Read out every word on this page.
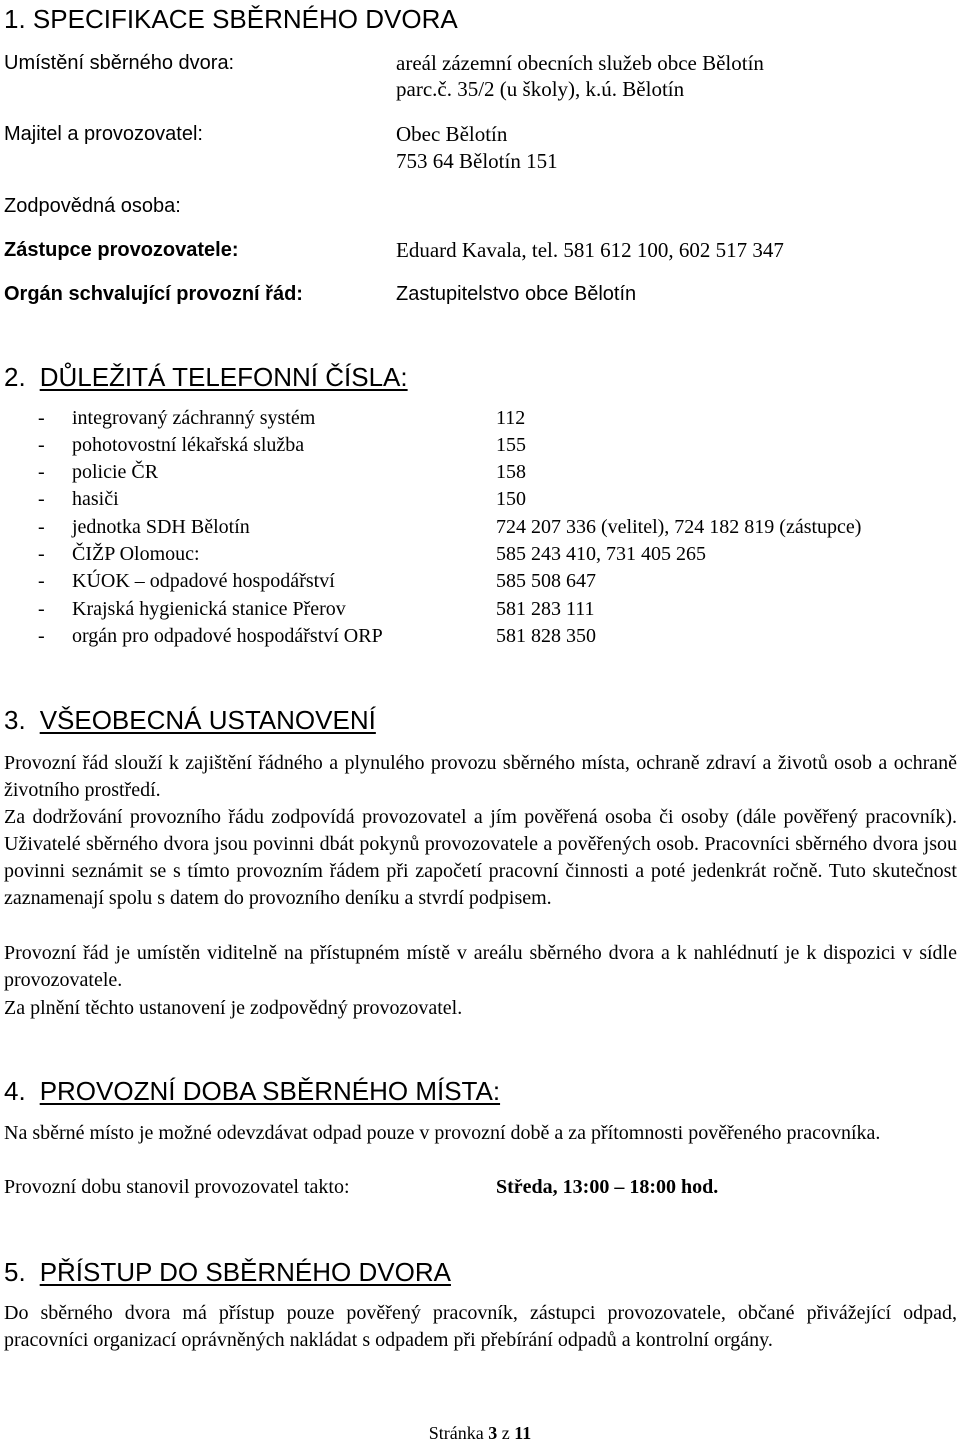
1. SPECIFIKACE SBĚRNÉHO DVORA
Umístění sběrného dvora:	areál zázemní obecních služeb obce Bělotín
parc.č. 35/2 (u školy), k.ú. Bělotín
Majitel a provozovatel:	Obec Bělotín
753 64 Bělotín 151
Zodpovědná osoba:
Zástupce provozovatele:	Eduard Kavala, tel. 581 612 100, 602 517 347
Orgán schvalující provozní řád:	Zastupitelstvo obce Bělotín
2. DŮLEŽITÁ TELEFONNÍ ČÍSLA:
- integrovaný záchranný systém	112
- pohotovostní lékařská služba	155
- policie ČR	158
- hasiči	150
- jednotka SDH Bělotín	724 207 336 (velitel), 724 182 819 (zástupce)
- ČIŽP Olomouc:	585 243 410, 731 405 265
- KÚOK – odpadové hospodářství	585 508 647
- Krajská hygienická stanice Přerov	581 283 111
- orgán pro odpadové hospodářství ORP	581 828 350
3. VŠEOBECNÁ USTANOVENÍ
Provozní řád slouží k zajištění řádného a plynulého provozu sběrného místa, ochraně zdraví a životů osob a ochraně životního prostředí.
Za dodržování provozního řádu zodpovídá provozovatel a jím pověřená osoba či osoby (dále pověřený pracovník). Uživatelé sběrného dvora jsou povinni dbát pokynů provozovatele a pověřených osob. Pracovníci sběrného dvora jsou povinni seznámit se s tímto provozním řádem při započetí pracovní činnosti a poté jedenkrát ročně. Tuto skutečnost zaznamenají spolu s datem do provozního deníku a stvrdí podpisem.
Provozní řád je umístěn viditelně na přístupném místě v areálu sběrného dvora a k nahlédnutí je k dispozici v sídle provozovatele.
Za plnění těchto ustanovení je zodpovědný provozovatel.
4. PROVOZNÍ DOBA SBĚRNÉHO MÍSTA:
Na sběrné místo je možné odevzdávat odpad pouze v provozní době a za přítomnosti pověřeného pracovníka.
Provozní dobu stanovil provozovatel takto:	Středa, 13:00 – 18:00 hod.
5. PŘÍSTUP DO SBĚRNÉHO DVORA
Do sběrného dvora má přístup pouze pověřený pracovník, zástupci provozovatele, občané přivážející odpad, pracovníci organizací oprávněných nakládat s odpadem při přebírání odpadů a kontrolní orgány.
Stránka 3 z 11
